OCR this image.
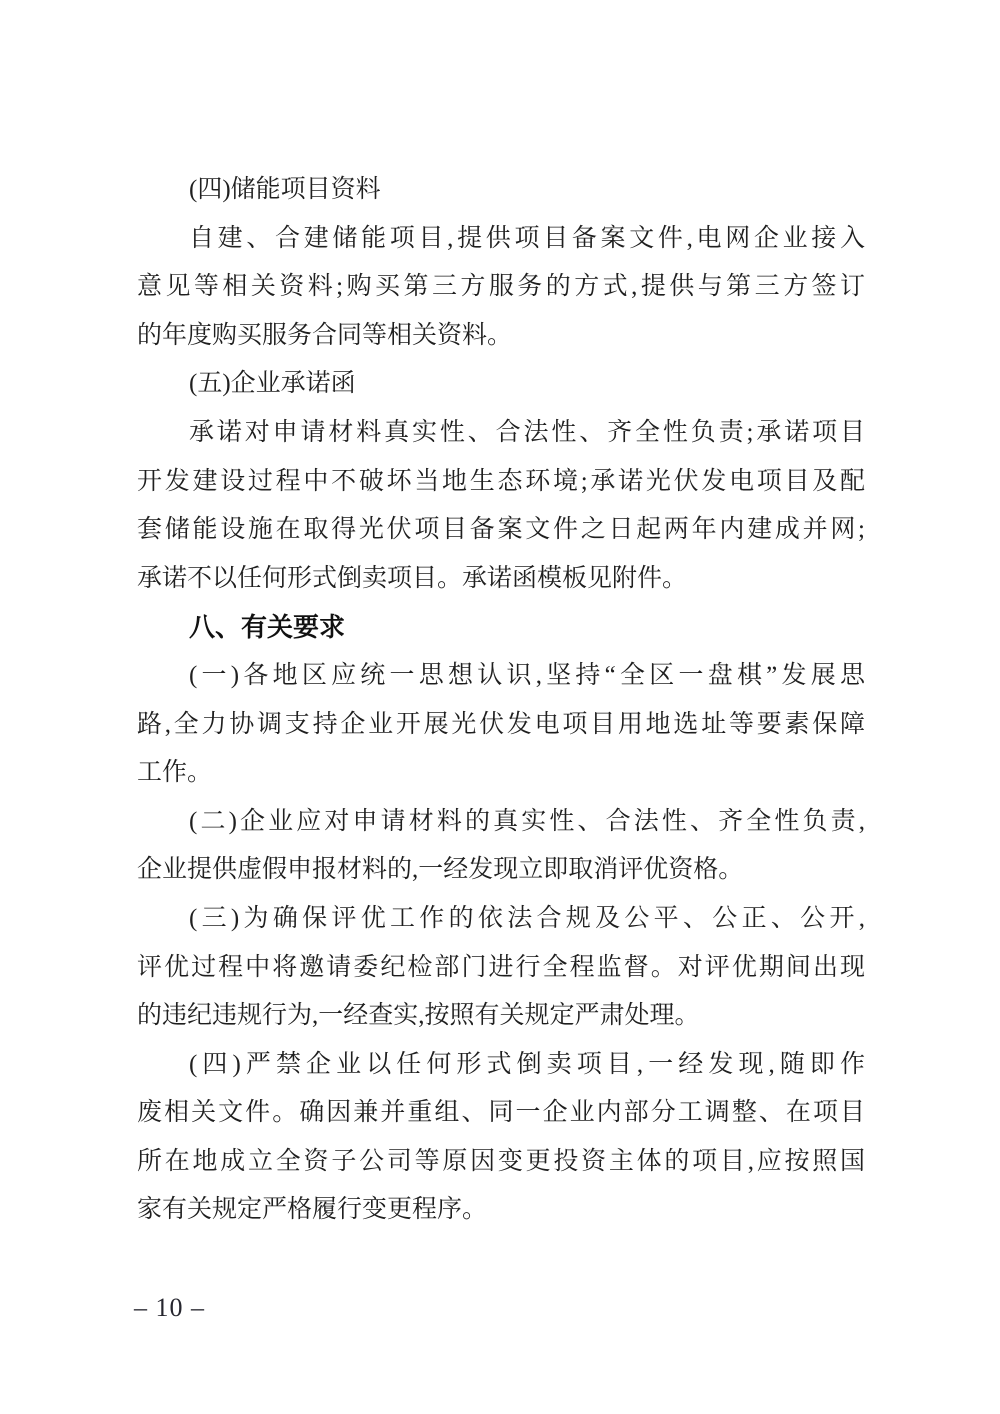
(四)储能项目资料
自建、合建储能项目,提供项目备案文件,电网企业接入
意见等相关资料;购买第三方服务的方式,提供与第三方签订
的年度购买服务合同等相关资料。
(五)企业承诺函
承诺对申请材料真实性、合法性、齐全性负责;承诺项目
开发建设过程中不破坏当地生态环境;承诺光伏发电项目及配
套储能设施在取得光伏项目备案文件之日起两年内建成并网;
承诺不以任何形式倒卖项目。承诺函模板见附件。
八、有关要求
(一)各地区应统一思想认识,坚持“全区一盘棋”发展思
路,全力协调支持企业开展光伏发电项目用地选址等要素保障
工作。
(二)企业应对申请材料的真实性、合法性、齐全性负责,
企业提供虚假申报材料的,一经发现立即取消评优资格。
(三)为确保评优工作的依法合规及公平、公正、公开,
评优过程中将邀请委纪检部门进行全程监督。对评优期间出现
的违纪违规行为,一经查实,按照有关规定严肃处理。
(四)严禁企业以任何形式倒卖项目,一经发现,随即作
废相关文件。确因兼并重组、同一企业内部分工调整、在项目
所在地成立全资子公司等原因变更投资主体的项目,应按照国
家有关规定严格履行变更程序。
– 10 –
